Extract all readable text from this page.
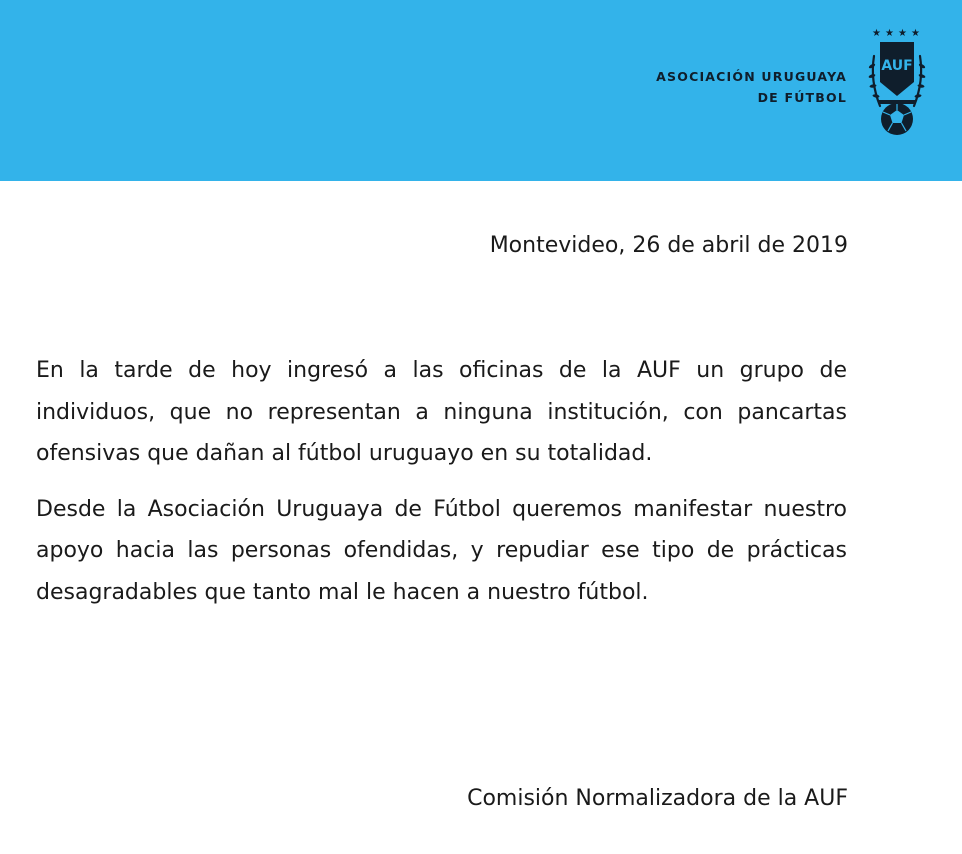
ASOCIACIÓN URUGUAYA
DE FÚTBOL
★ ★ ★ ★
AUF
Montevideo, 26 de abril de 2019

En la tarde de hoy ingresó a las oficinas de la AUF un grupo de individuos, que no representan a ninguna institución, con pancartas ofensivas que dañan al fútbol uruguayo en su totalidad.

Desde la Asociación Uruguaya de Fútbol queremos manifestar nuestro apoyo hacia las personas ofendidas, y repudiar ese tipo de prácticas desagradables que tanto mal le hacen a nuestro fútbol.

Comisión Normalizadora de la AUF
